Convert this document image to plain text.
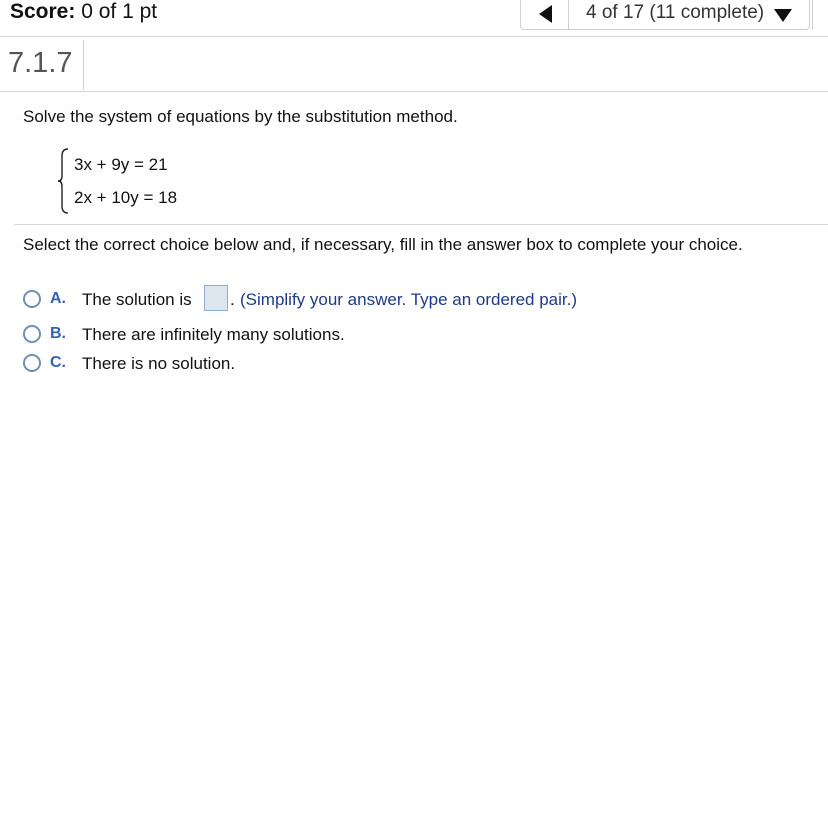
Score: 0 of 1 pt	4 of 17 (11 complete)
7.1.7
Solve the system of equations by the substitution method.
3x + 9y = 21
2x + 10y = 18
Select the correct choice below and, if necessary, fill in the answer box to complete your choice.
A. The solution is . (Simplify your answer. Type an ordered pair.)
B. There are infinitely many solutions.
C. There is no solution.
